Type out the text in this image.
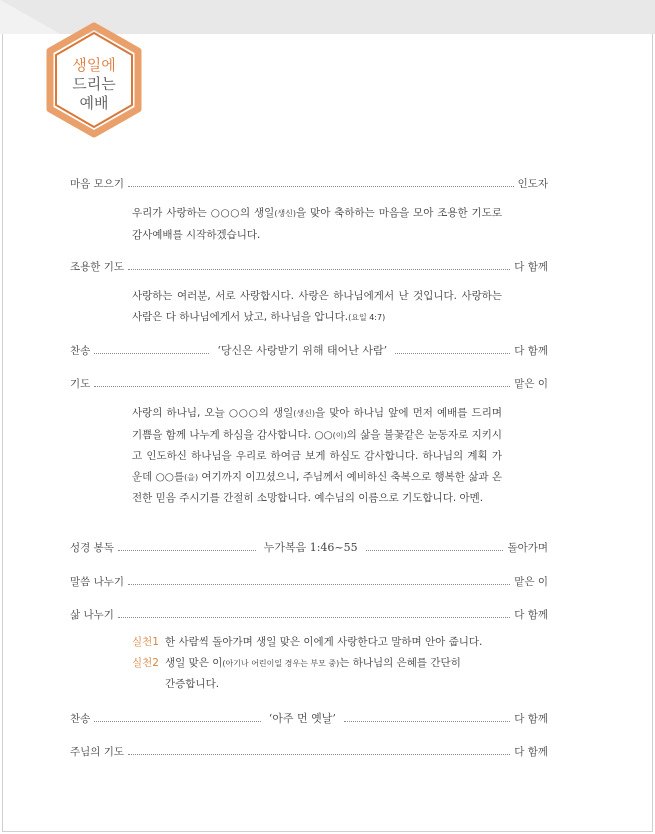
생일에
드리는
예배
마음 모으기	인도자
우리가 사랑하는 ○○○의 생일(생신)을 맞아 축하하는 마음을 모아 조용한 기도로 감사예배를 시작하겠습니다.
조용한 기도	다 함께
사랑하는 여러분, 서로 사랑합시다. 사랑은 하나님에게서 난 것입니다. 사랑하는 사람은 다 하나님에게서 났고, 하나님을 압니다.(요일 4:7)
찬송	‘당신은 사랑받기 위해 태어난 사람’	다 함께
기도	맡은 이
사랑의 하나님, 오늘 ○○○의 생일(생신)을 맞아 하나님 앞에 먼저 예배를 드리며 기쁨을 함께 나누게 하심을 감사합니다. ○○(이)의 삶을 불꽃같은 눈동자로 지키시고 인도하신 하나님을 우리로 하여금 보게 하심도 감사합니다. 하나님의 계획 가운데 ○○를(을) 여기까지 이끄셨으니, 주님께서 예비하신 축복으로 행복한 삶과 온전한 믿음 주시기를 간절히 소망합니다. 예수님의 이름으로 기도합니다. 아멘.
성경 봉독	누가복음 1:46~55	돌아가며
말씀 나누기	맡은 이
삶 나누기	다 함께
실천1 한 사람씩 돌아가며 생일 맞은 이에게 사랑한다고 말하며 안아 줍니다.
실천2 생일 맞은 이(아기나 어린이일 경우는 부모 중)는 하나님의 은혜를 간단히
간증합니다.
찬송	‘아주 먼 옛날’	다 함께
주님의 기도	다 함께
